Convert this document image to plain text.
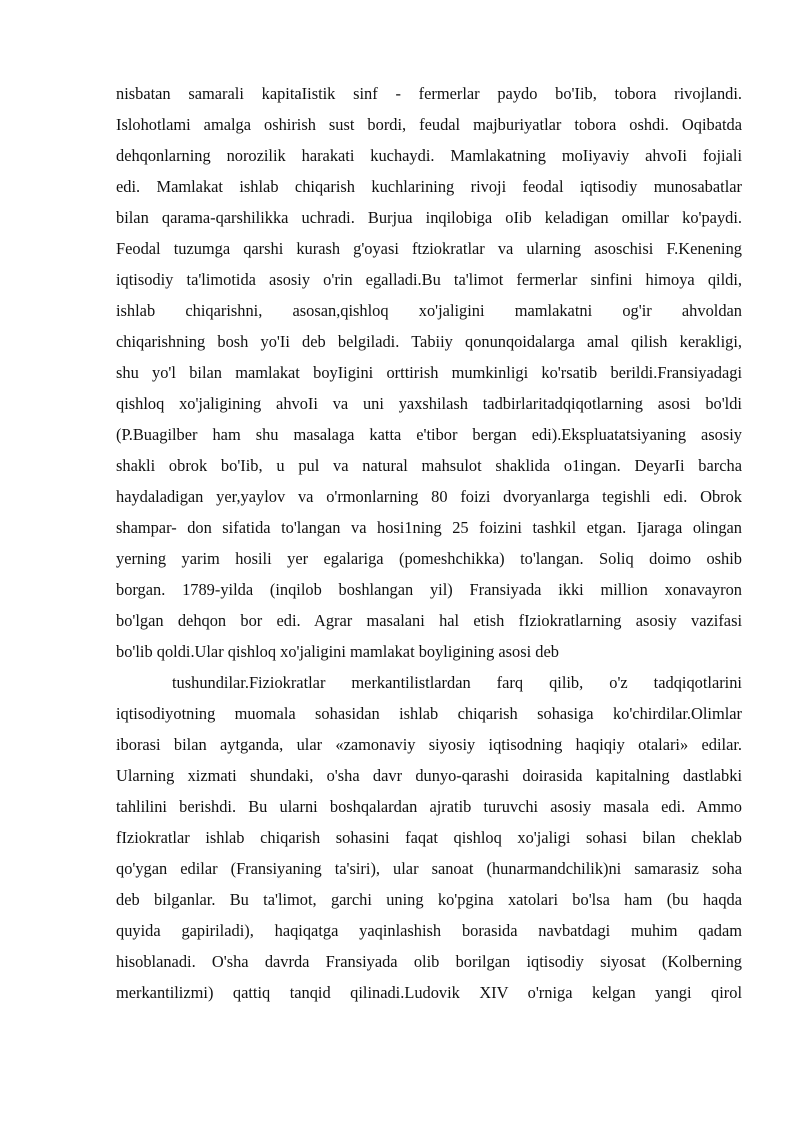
nisbatan samarali kapitaIistik sinf - fermerlar paydo bo'Iib, tobora rivojlandi.
Islohotlami amalga oshirish sust bordi, feudal majburiyatlar tobora oshdi. Oqibatda
dehqonlarning norozilik harakati kuchaydi. Mamlakatning moIiyaviy ahvoIi fojiali
edi. Mamlakat ishlab chiqarish kuchlarining rivoji feodal iqtisodiy munosabatlar
bilan qarama-qarshilikka uchradi. Burjua inqilobiga oIib keladigan omillar ko'paydi.
Feodal tuzumga qarshi kurash g'oyasi ftziokratlar va ularning asoschisi F.Kenening
iqtisodiy ta'limotida asosiy o'rin egalladi.Bu ta'limot fermerlar sinfini himoya qildi,
ishlab chiqarishni, asosan,qishloq xo'jaligini mamlakatni og'ir ahvoldan
chiqarishning bosh yo'Ii deb belgiladi. Tabiiy qonunqoidalarga amal qilish kerakligi,
shu yo'l bilan mamlakat boyIigini orttirish mumkinligi ko'rsatib berildi.Fransiyadagi
qishloq xo'jaligining ahvoIi va uni yaxshilash tadbirlaritadqiqotlarning asosi bo'ldi
(P.Buagilber ham shu masalaga katta e'tibor bergan edi).Ekspluatatsiyaning asosiy
shakli obrok bo'Iib, u pul va natural mahsulot shaklida o1ingan. DeyarIi barcha
haydaladigan yer,yaylov va o'rmonlarning 80 foizi dvoryanlarga tegishli edi. Obrok
shampar- don sifatida to'langan va hosi1ning 25 foizini tashkil etgan. Ijaraga olingan
yerning yarim hosili yer egalariga (pomeshchikka) to'langan. Soliq doimo oshib
borgan. 1789-yilda (inqilob boshlangan yil) Fransiyada ikki million xonavayron
bo'lgan dehqon bor edi. Agrar masalani hal etish fIziokratlarning asosiy vazifasi
bo'lib qoldi.Ular qishloq xo'jaligini mamlakat boyligining asosi deb
tushundilar.Fiziokratlar merkantilistlardan farq qilib, o'z tadqiqotlarini
iqtisodiyotning muomala sohasidan ishlab chiqarish sohasiga ko'chirdilar.Olimlar
iborasi bilan aytganda, ular «zamonaviy siyosiy iqtisodning haqiqiy otalari» edilar.
Ularning xizmati shundaki, o'sha davr dunyo-qarashi doirasida kapitalning dastlabki
tahlilini berishdi. Bu ularni boshqalardan ajratib turuvchi asosiy masala edi. Ammo
fIziokratlar ishlab chiqarish sohasini faqat qishloq xo'jaligi sohasi bilan cheklab
qo'ygan edilar (Fransiyaning ta'siri), ular sanoat (hunarmandchilik)ni samarasiz soha
deb bilganlar. Bu ta'limot, garchi uning ko'pgina xatolari bo'lsa ham (bu haqda
quyida gapiriladi), haqiqatga yaqinlashish borasida navbatdagi muhim qadam
hisoblanadi. O'sha davrda Fransiyada olib borilgan iqtisodiy siyosat (Kolberning
merkantilizmi) qattiq tanqid qilinadi.Ludovik XIV o'rniga kelgan yangi qirol
